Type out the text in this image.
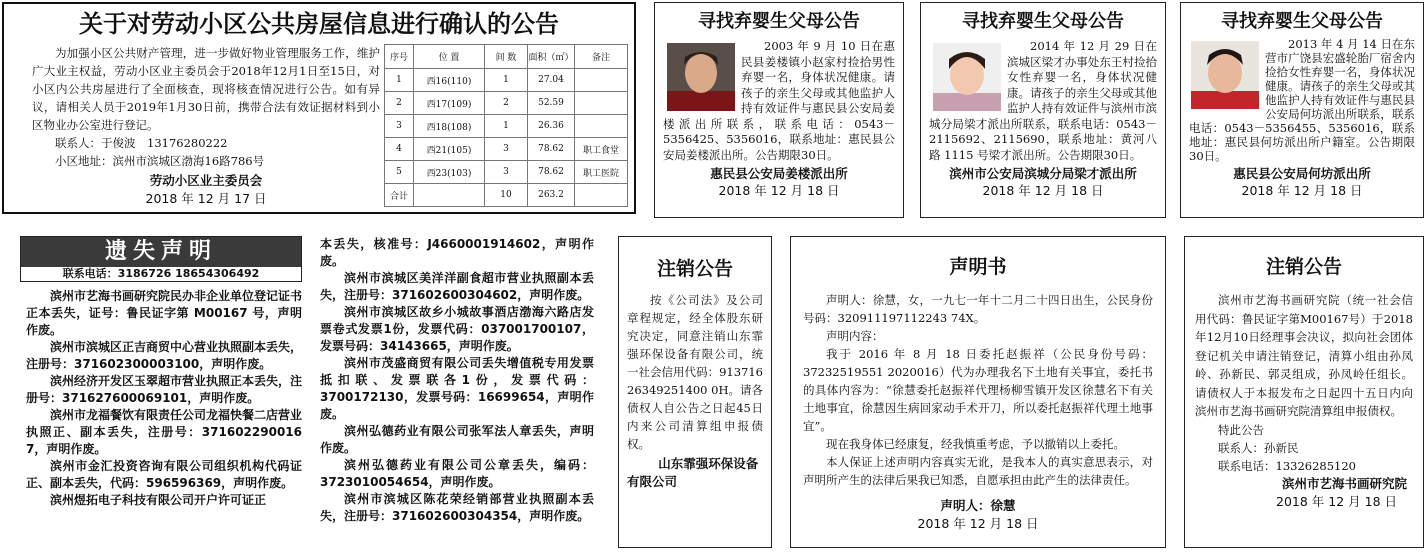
关于对劳动小区公共房屋信息进行确认的公告

为加强小区公共财产管理，进一步做好物业管理服务工作，维护广大业主权益，劳动小区业主委员会于2018年12月1日至15日，对小区内公共房屋进行了全面核查，现将核查情况进行公告。如有异议，请相关人员于2019年1月30日前，携带合法有效证据材料到小区物业办公室进行登记。

联系人：于俊波　13176280222

小区地址：滨州市滨城区渤海16路786号

劳动小区业主委员会

2018 年 12 月 17 日

序号	位 置	间 数	面积（㎡）	备注
1	西16(110)	1	27.04	
2	西17(109)	2	52.59	
3	西18(108)	1	26.36	
4	西21(105)	3	78.62	职工食堂
5	西23(103)	3	78.62	职工医院
合计		10	263.2	
寻找弃婴生父母公告

2003 年 9 月 10 日在惠民县姜楼镇小赵家村捡拾男性弃婴一名，身体状况健康。请孩子的亲生父母或其他监护人持有效证件与惠民县公安局姜楼派出所联系，联系电话：0543－5356425、5356016，联系地址：惠民县公安局姜楼派出所。公告期限30日。

惠民县公安局姜楼派出所

2018 年 12 月 18 日

寻找弃婴生父母公告

2014 年 12 月 29 日在滨城区梁才办事处东王村捡拾女性弃婴一名，身体状况健康。请孩子的亲生父母或其他监护人持有效证件与滨州市滨城分局梁才派出所联系，联系电话：0543－2115692、2115690，联系地址：黄河八路 1115 号梁才派出所。公告期限30日。

滨州市公安局滨城分局梁才派出所

2018 年 12 月 18 日

寻找弃婴生父母公告

2013 年 4 月 14 日在东营市广饶县宏盛轮胎厂宿舍内捡拾女性弃婴一名，身体状况健康。请孩子的亲生父母或其他监护人持有效证件与惠民县公安局何坊派出所联系，联系电话：0543－5356455、5356016，联系地址：惠民县何坊派出所户籍室。公告期限30日。

惠民县公安局何坊派出所

2018 年 12 月 18 日

遗失声明
联系电话：3186726 18654306492

滨州市艺海书画研究院民办非企业单位登记证书正本丢失，证号：鲁民证字第 M00167 号，声明作废。

滨州市滨城区正吉商贸中心营业执照副本丢失，注册号：371602300003100，声明作废。

滨州经济开发区玉翠超市营业执照正本丢失，注册号：371627600069101，声明作废。

滨州市龙福餐饮有限责任公司龙福快餐二店营业执照正、副本丢失，注册号：371602290016 7，声明作废。

滨州市金汇投资咨询有限公司组织机构代码证正、副本丢失，代码：596596369，声明作废。

滨州煜拓电子科技有限公司开户许可证正

本丢失，核准号：J4660001914602，声明作废。

滨州市滨城区美洋洋副食超市营业执照副本丢失，注册号：371602600304602，声明作废。

滨州市滨城区故乡小城故事酒店渤海六路店发票卷式发票1份，发票代码：037001700107，发票号码：34143665，声明作废。

滨州市茂盛商贸有限公司丢失增值税专用发票抵扣联、发票联各1份，发票代码：3700172130，发票号码：16699654，声明作废。

滨州弘德药业有限公司张军法人章丢失，声明作废。

滨州弘德药业有限公司公章丢失，编码：3723010054654，声明作废。

滨州市滨城区陈花荣经销部营业执照副本丢失，注册号：371602600304354，声明作废。

注销公告

按《公司法》及公司章程规定，经全体股东研究决定，同意注销山东霏强环保设备有限公司，统一社会信用代码：91371626349251400 0H。请各债权人自公告之日起45日内来公司清算组申报债权。

山东霏强环保设备有限公司

声明书

声明人：徐慧，女，一九七一年十二月二十四日出生，公民身份号码：320911197112243 74X。

声明内容：

我于 2016 年 8 月 18 日委托赵振祥（公民身份号码：37232519551 2020016）代为办理我名下土地有关事宜，委托书的具体内容为：“徐慧委托赵振祥代理杨柳雪镇开发区徐慧名下有关土地事宜，徐慧因生病回家动手术开刀，所以委托赵振祥代理土地事宜”。

现在我身体已经康复，经我慎重考虑，予以撤销以上委托。

本人保证上述声明内容真实无讹，是我本人的真实意思表示，对声明所产生的法律后果我已知悉，自愿承担由此产生的法律责任。

声明人：徐慧

2018 年 12 月 18 日

注销公告

滨州市艺海书画研究院（统一社会信用代码：鲁民证字第M00167号）于2018年12月10日经理事会决议，拟向社会团体登记机关申请注销登记，清算小组由孙凤岭、孙新民、郭灵组成，孙凤岭任组长。请债权人于本报发布之日起四十五日内向滨州市艺海书画研究院清算组申报债权。

特此公告

联系人：孙新民

联系电话：13326285120

滨州市艺海书画研究院

2018 年 12 月 18 日
